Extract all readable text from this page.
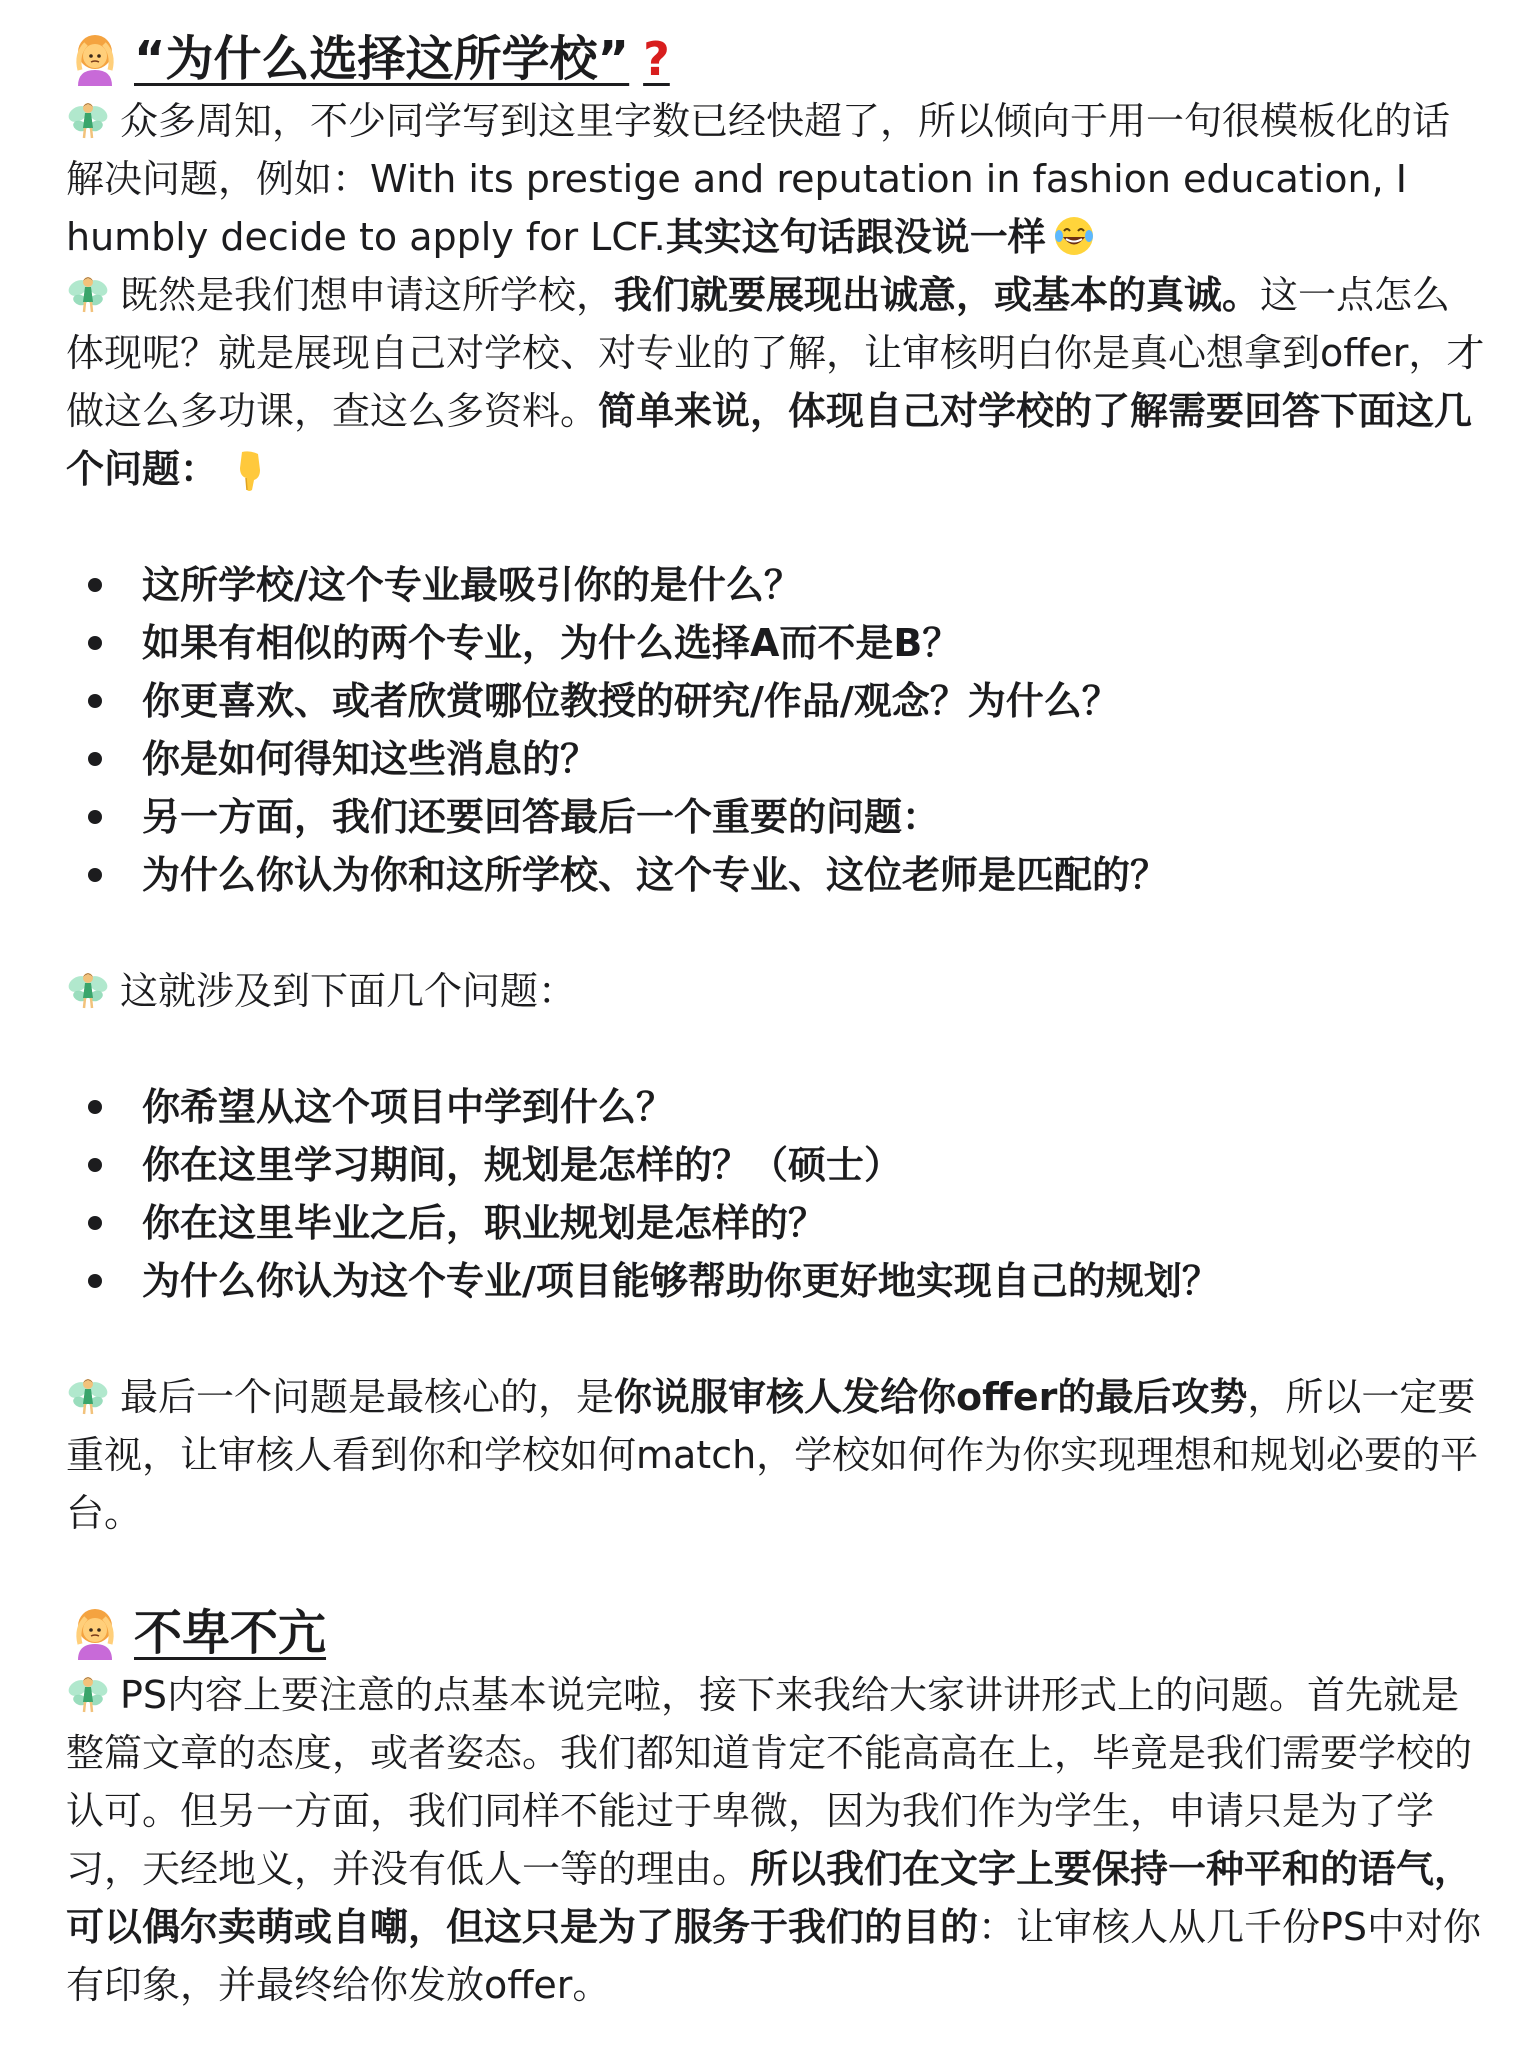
“为什么选择这所学校” ?

众多周知，不少同学写到这里字数已经快超了，所以倾向于用一句很模板化的话解决问题，例如：With its prestige and reputation in fashion education, I humbly decide to apply for LCF.其实这句话跟没说一样

既然是我们想申请这所学校，我们就要展现出诚意，或基本的真诚。这一点怎么体现呢？就是展现自己对学校、对专业的了解，让审核明白你是真心想拿到offer，才做这么多功课，查这么多资料。简单来说，体现自己对学校的了解需要回答下面这几个问题：

这所学校/这个专业最吸引你的是什么？
如果有相似的两个专业，为什么选择A而不是B？
你更喜欢、或者欣赏哪位教授的研究/作品/观念？为什么？
你是如何得知这些消息的？
另一方面，我们还要回答最后一个重要的问题：
为什么你认为你和这所学校、这个专业、这位老师是匹配的？

这就涉及到下面几个问题：

你希望从这个项目中学到什么？
你在这里学习期间，规划是怎样的？（硕士）
你在这里毕业之后，职业规划是怎样的？
为什么你认为这个专业/项目能够帮助你更好地实现自己的规划？

最后一个问题是最核心的，是你说服审核人发给你offer的最后攻势，所以一定要重视，让审核人看到你和学校如何match，学校如何作为你实现理想和规划必要的平台。

不卑不亢

PS内容上要注意的点基本说完啦，接下来我给大家讲讲形式上的问题。首先就是整篇文章的态度，或者姿态。我们都知道肯定不能高高在上，毕竟是我们需要学校的认可。但另一方面，我们同样不能过于卑微，因为我们作为学生，申请只是为了学习，天经地义，并没有低人一等的理由。所以我们在文字上要保持一种平和的语气，可以偶尔卖萌或自嘲，但这只是为了服务于我们的目的：让审核人从几千份PS中对你有印象，并最终给你发放offer。
